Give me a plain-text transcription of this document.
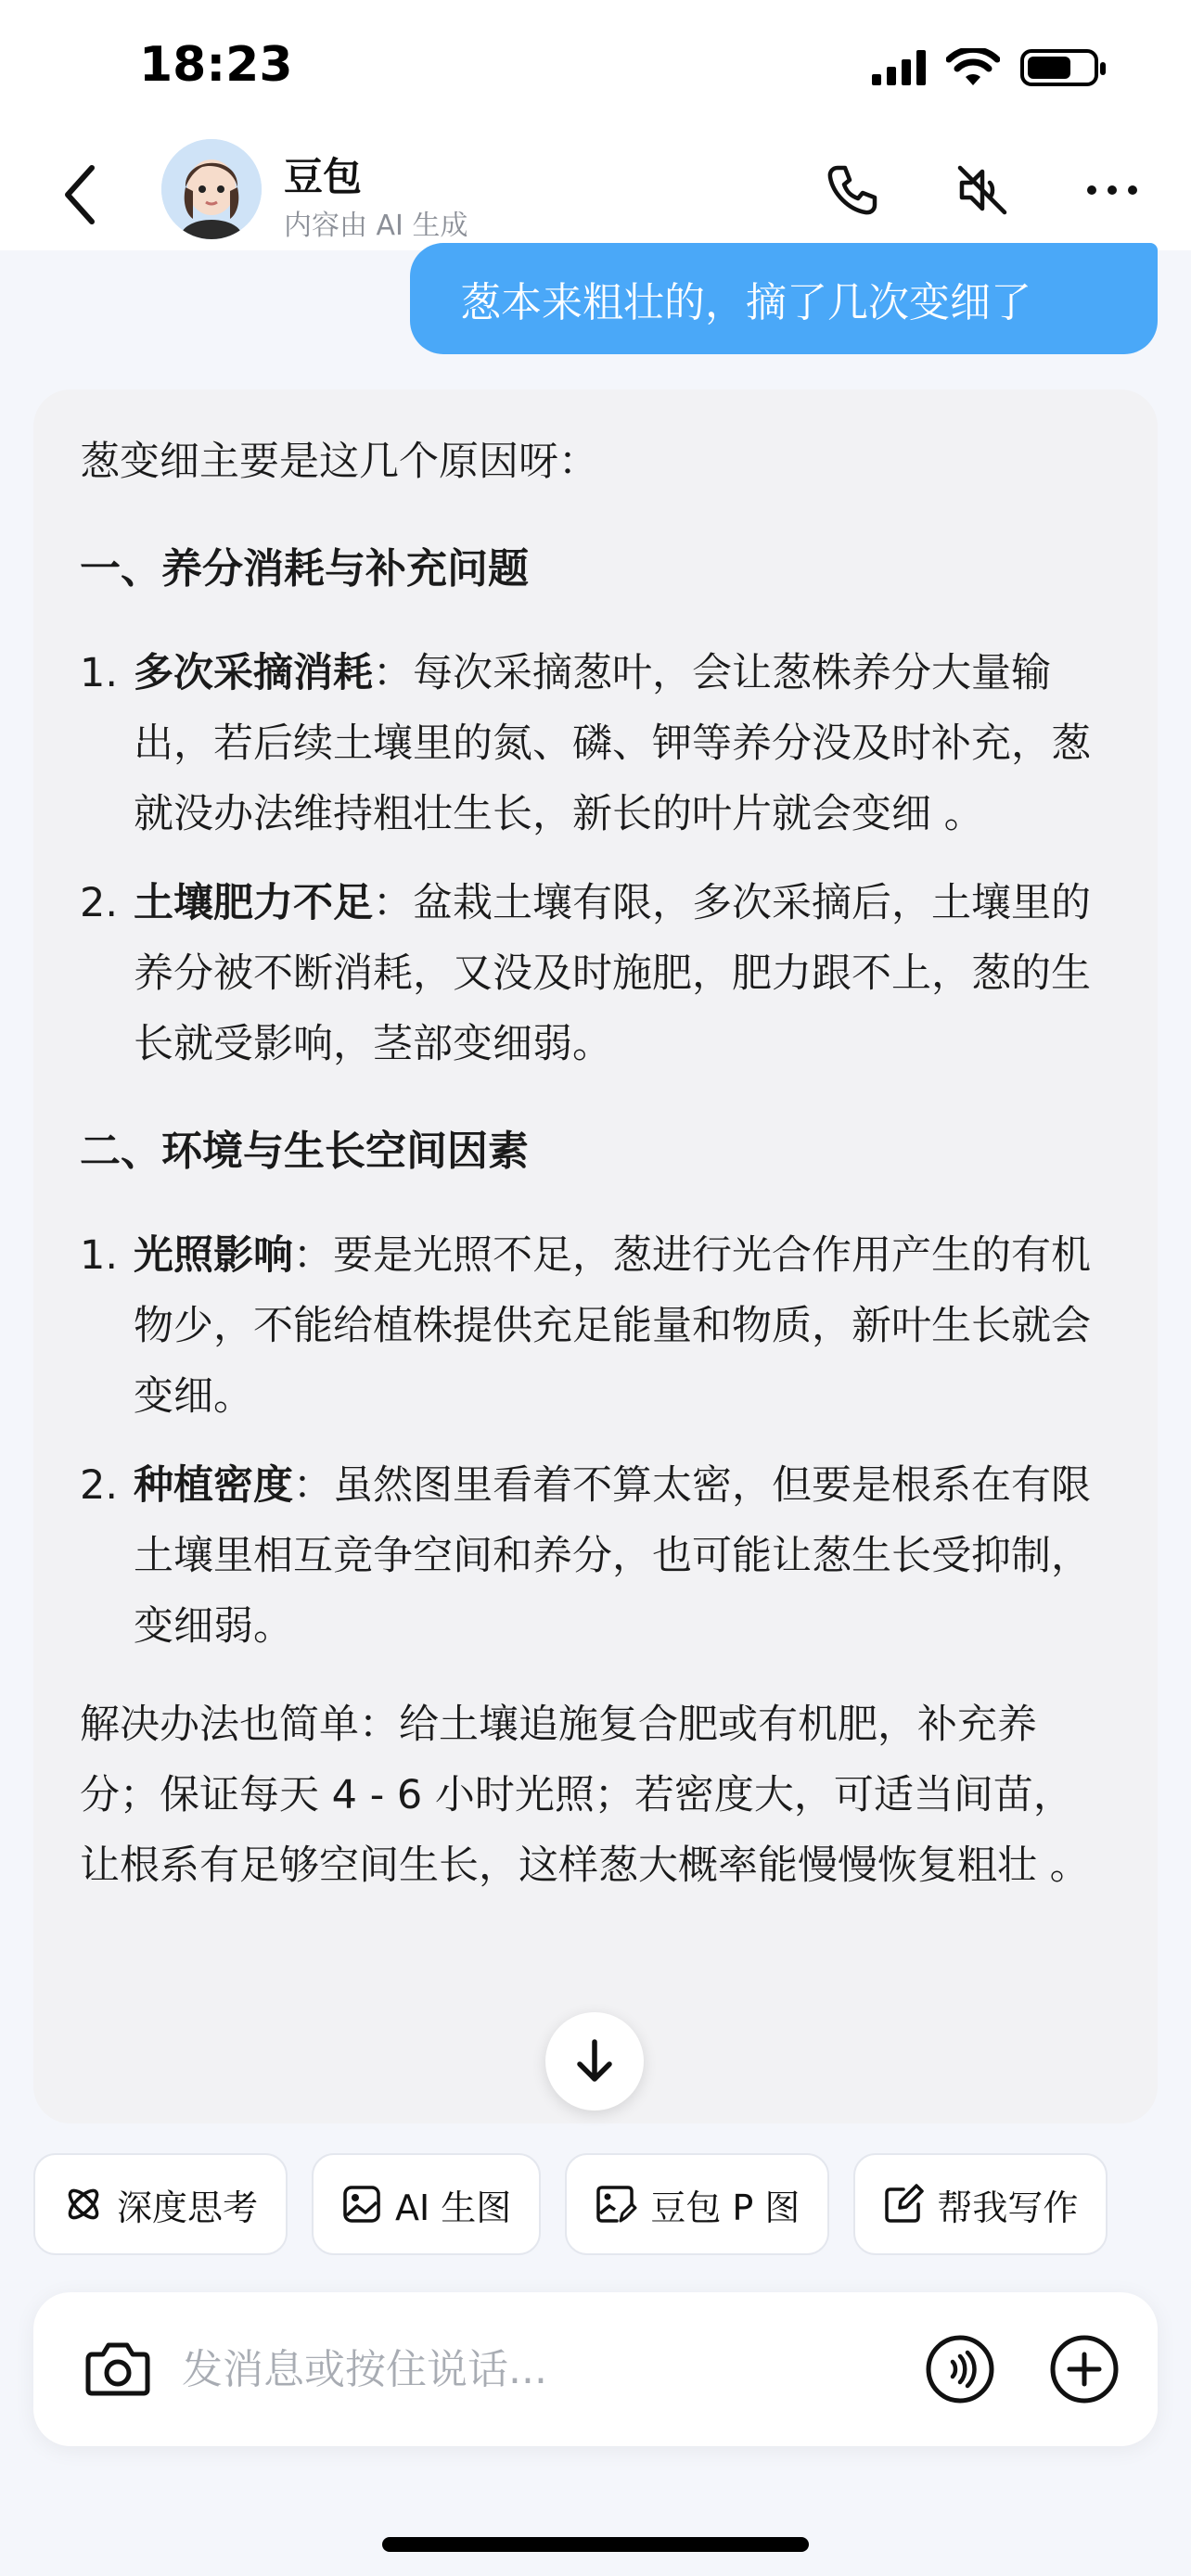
18:23
豆包
内容由 AI 生成
葱本来粗壮的，摘了几次变细了
葱变细主要是这几个原因呀：
一、养分消耗与补充问题
1. 多次采摘消耗：每次采摘葱叶，会让葱株养分大量输出，若后续土壤里的氮、磷、钾等养分没及时补充，葱就没办法维持粗壮生长，新长的叶片就会变细 。
2. 土壤肥力不足：盆栽土壤有限，多次采摘后，土壤里的养分被不断消耗，又没及时施肥，肥力跟不上，葱的生长就受影响，茎部变细弱。
二、环境与生长空间因素
1. 光照影响：要是光照不足，葱进行光合作用产生的有机物少，不能给植株提供充足能量和物质，新叶生长就会变细。
2. 种植密度：虽然图里看着不算太密，但要是根系在有限土壤里相互竞争空间和养分，也可能让葱生长受抑制，变细弱。
解决办法也简单：给土壤追施复合肥或有机肥，补充养分；保证每天 4 - 6 小时光照；若密度大，可适当间苗，让根系有足够空间生长，这样葱大概率能慢慢恢复粗壮 。
深度思考	AI 生图	豆包 P 图	帮我写作
发消息或按住说话...
